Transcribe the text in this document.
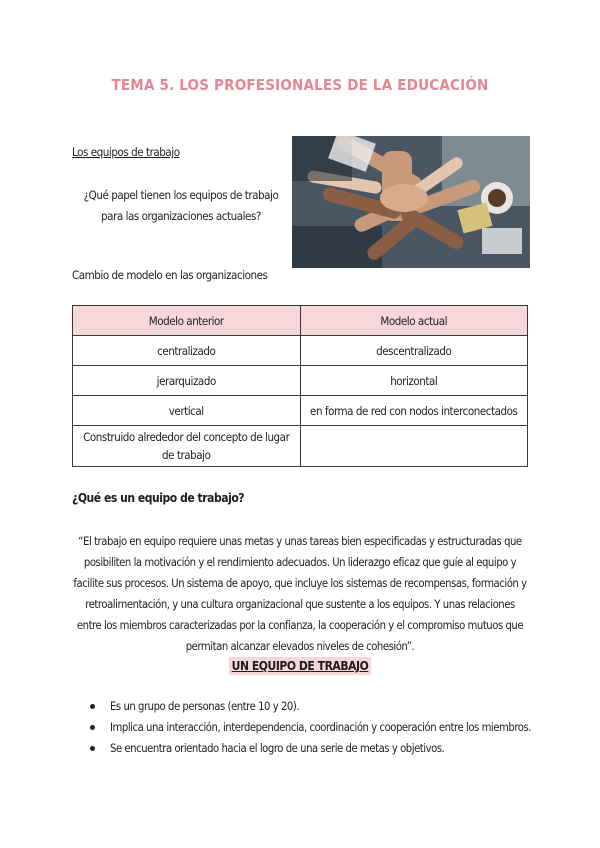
TEMA 5. LOS PROFESIONALES DE LA EDUCACIÓN
Los equipos de trabajo
¿Qué papel tienen los equipos de trabajo para las organizaciones actuales?
Cambio de modelo en las organizaciones
Modelo anterior	Modelo actual
centralizado	descentralizado
jerarquizado	horizontal
vertical	en forma de red con nodos interconectados
Construido alrededor del concepto de lugar de trabajo	
¿Qué es un equipo de trabajo?
“El trabajo en equipo requiere unas metas y unas tareas bien especificadas y estructuradas que posibiliten la motivación y el rendimiento adecuados. Un liderazgo eficaz que guíe al equipo y facilite sus procesos. Un sistema de apoyo, que incluye los sistemas de recompensas, formación y retroalimentación, y una cultura organizacional que sustente a los equipos. Y unas relaciones entre los miembros caracterizadas por la confianza, la cooperación y el compromiso mutuos que permitan alcanzar elevados niveles de cohesión”.
UN EQUIPO DE TRABAJO
Es un grupo de personas (entre 10 y 20).
Implica una interacción, interdependencia, coordinación y cooperación entre los miembros.
Se encuentra orientado hacia el logro de una serie de metas y objetivos.
